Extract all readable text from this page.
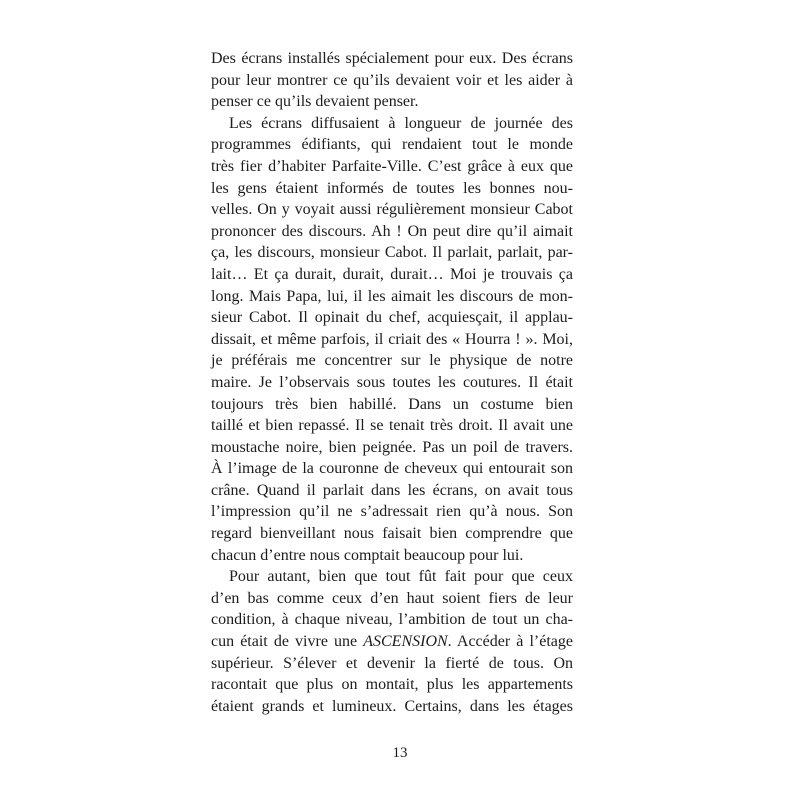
Des écrans installés spécialement pour eux. Des écrans
pour leur montrer ce qu’ils devaient voir et les aider à
penser ce qu’ils devaient penser.
Les écrans diffusaient à longueur de journée des
programmes édifiants, qui rendaient tout le monde
très fier d’habiter Parfaite-Ville. C’est grâce à eux que
les gens étaient informés de toutes les bonnes nou-
velles. On y voyait aussi régulièrement monsieur Cabot
prononcer des discours. Ah ! On peut dire qu’il aimait
ça, les discours, monsieur Cabot. Il parlait, parlait, par-
lait… Et ça durait, durait, durait… Moi je trouvais ça
long. Mais Papa, lui, il les aimait les discours de mon-
sieur Cabot. Il opinait du chef, acquiesçait, il applau-
dissait, et même parfois, il criait des « Hourra ! ». Moi,
je préférais me concentrer sur le physique de notre
maire. Je l’observais sous toutes les coutures. Il était
toujours très bien habillé. Dans un costume bien
taillé et bien repassé. Il se tenait très droit. Il avait une
moustache noire, bien peignée. Pas un poil de travers.
À l’image de la couronne de cheveux qui entourait son
crâne. Quand il parlait dans les écrans, on avait tous
l’impression qu’il ne s’adressait rien qu’à nous. Son
regard bienveillant nous faisait bien comprendre que
chacun d’entre nous comptait beaucoup pour lui.
Pour autant, bien que tout fût fait pour que ceux
d’en bas comme ceux d’en haut soient fiers de leur
condition, à chaque niveau, l’ambition de tout un cha-
cun était de vivre une ASCENSION. Accéder à l’étage
supérieur. S’élever et devenir la fierté de tous. On
racontait que plus on montait, plus les appartements
étaient grands et lumineux. Certains, dans les étages
13
